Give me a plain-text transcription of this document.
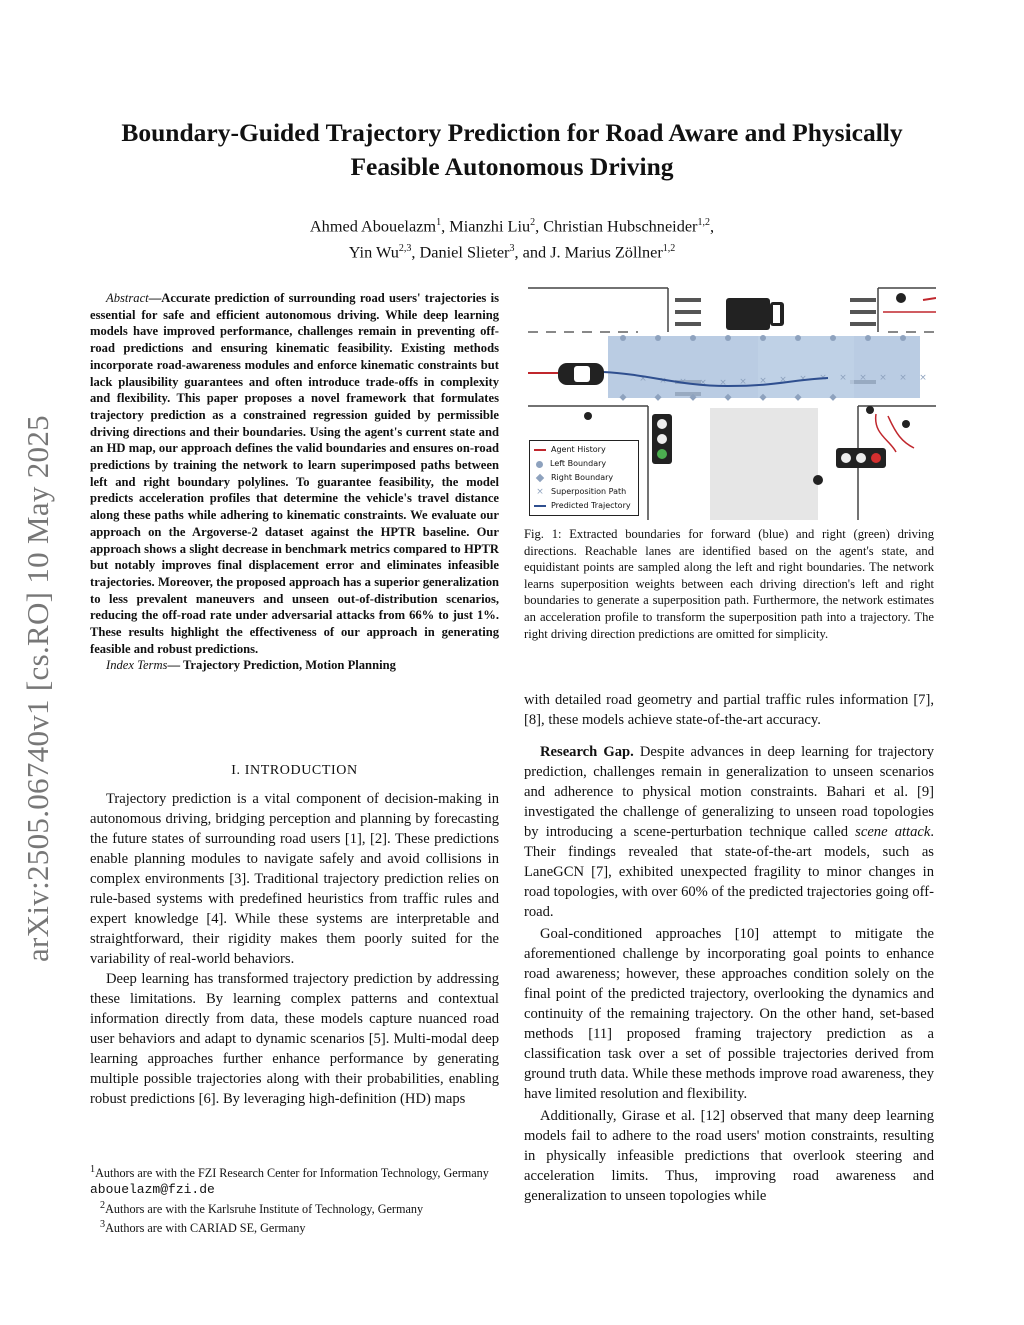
arXiv:2505.06740v1 [cs.RO] 10 May 2025
Boundary-Guided Trajectory Prediction for Road Aware and Physically
Feasible Autonomous Driving
Ahmed Abouelazm$^1$, Mianzhi Liu$^2$, Christian Hubschneider$^{1,2}$,
Yin Wu$^{2,3}$, Daniel Slieter$^3$, and J. Marius Zöllner$^{1,2}$

Abstract—Accurate prediction of surrounding road users' trajectories is essential for safe and efficient autonomous driving. While deep learning models have improved performance, challenges remain in preventing off-road predictions and ensuring kinematic feasibility. Existing methods incorporate road-awareness modules and enforce kinematic constraints but lack plausibility guarantees and often introduce trade-offs in complexity and flexibility. This paper proposes a novel framework that formulates trajectory prediction as a constrained regression guided by permissible driving directions and their boundaries. Using the agent's current state and an HD map, our approach defines the valid boundaries and ensures on-road predictions by training the network to learn superimposed paths between left and right boundary polylines. To guarantee feasibility, the model predicts acceleration profiles that determine the vehicle's travel distance along these paths while adhering to kinematic constraints. We evaluate our approach on the Argoverse-2 dataset against the HPTR baseline. Our approach shows a slight decrease in benchmark metrics compared to HPTR but notably improves final displacement error and eliminates infeasible trajectories. Moreover, the proposed approach has a superior generalization to less prevalent maneuvers and unseen out-of-distribution scenarios, reducing the off-road rate under adversarial attacks from 66% to just 1%. These results highlight the effectiveness of our approach in generating feasible and robust predictions.

Index Terms— Trajectory Prediction, Motion Planning

I. INTRODUCTION

Trajectory prediction is a vital component of decision-making in autonomous driving, bridging perception and planning by forecasting the future states of surrounding road users [1], [2]. These predictions enable planning modules to navigate safely and avoid collisions in complex environments [3]. Traditional trajectory prediction relies on rule-based systems with predefined heuristics from traffic rules and expert knowledge [4]. While these systems are interpretable and straightforward, their rigidity makes them poorly suited for the variability of real-world behaviors.

Deep learning has transformed trajectory prediction by addressing these limitations. By learning complex patterns and contextual information directly from data, these models capture nuanced road user behaviors and adapt to dynamic scenarios [5]. Multi-modal deep learning approaches further enhance performance by generating multiple possible trajectories along with their probabilities, enabling robust predictions [6]. By leveraging high-definition (HD) maps

$^1$Authors are with the FZI Research Center for Information Technology, Germany abouelazm@fzi.de
$^2$Authors are with the Karlsruhe Institute of Technology, Germany
$^3$Authors are with CARIAD SE, Germany
× × × × × × × × × × × × × × ×
Agent History
Left Boundary
Right Boundary
× Superposition Path
Predicted Trajectory
Fig. 1: Extracted boundaries for forward (blue) and right (green) driving directions. Reachable lanes are identified based on the agent's state, and equidistant points are sampled along the left and right boundaries. The network learns superposition weights between each driving direction's left and right boundaries to generate a superposition path. Furthermore, the network estimates an acceleration profile to transform the superposition path into a trajectory. The right driving direction predictions are omitted for simplicity.

with detailed road geometry and partial traffic rules information [7], [8], these models achieve state-of-the-art accuracy.

Research Gap. Despite advances in deep learning for trajectory prediction, challenges remain in generalization to unseen scenarios and adherence to physical motion constraints. Bahari et al. [9] investigated the challenge of generalizing to unseen road topologies by introducing a scene-perturbation technique called scene attack. Their findings revealed that state-of-the-art models, such as LaneGCN [7], exhibited unexpected fragility to minor changes in road topologies, with over 60% of the predicted trajectories going off-road.

Goal-conditioned approaches [10] attempt to mitigate the aforementioned challenge by incorporating goal points to enhance road awareness; however, these approaches condition solely on the final point of the predicted trajectory, overlooking the dynamics and continuity of the remaining trajectory. On the other hand, set-based methods [11] proposed framing trajectory prediction as a classification task over a set of possible trajectories derived from ground truth data. While these methods improve road awareness, they have limited resolution and flexibility.

Additionally, Girase et al. [12] observed that many deep learning models fail to adhere to the road users' motion constraints, resulting in physically infeasible predictions that overlook steering and acceleration limits. Thus, improving road awareness and generalization to unseen topologies while
